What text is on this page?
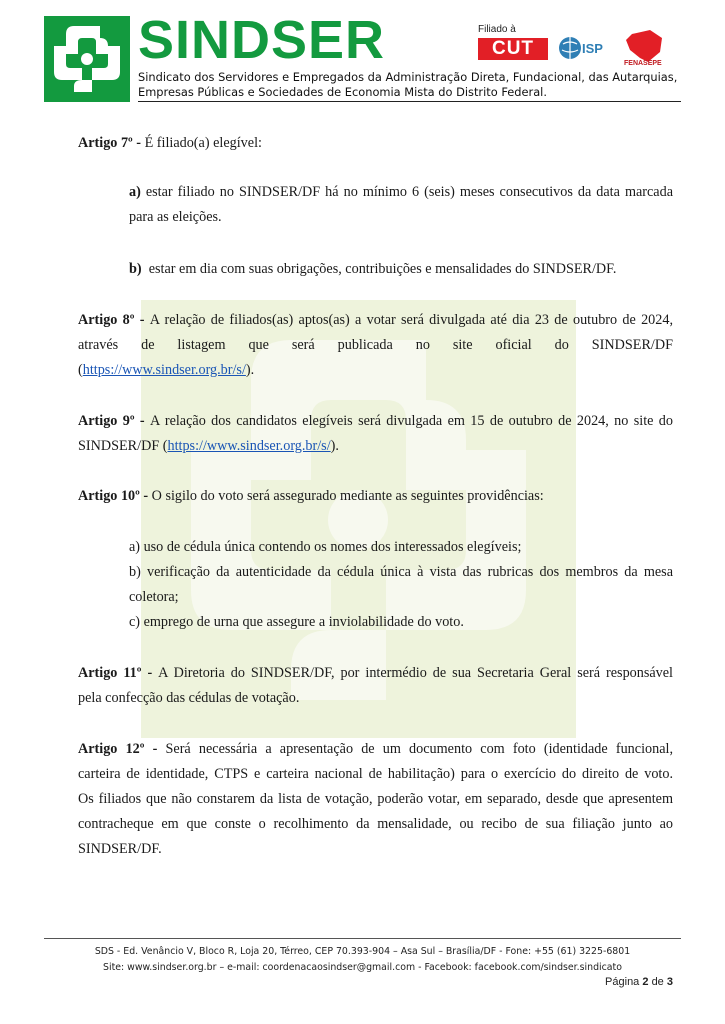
SINDSER
Sindicato dos Servidores e Empregados da Administração Direta, Fundacional, das Autarquias,
Empresas Públicas e Sociedades de Economia Mista do Distrito Federal.
Filiado à
CUT	ISP
FENASEPE

Artigo 7º - É filiado(a) elegível:

a) estar filiado no SINDSER/DF há no mínimo 6 (seis) meses consecutivos da data marcada

para as eleições.

b) estar em dia com suas obrigações, contribuições e mensalidades do SINDSER/DF.

Artigo 8º - A relação de filiados(as) aptos(as) a votar será divulgada até dia 23 de outubro de 2024,

através de listagem que será publicada no site oficial do SINDSER/DF

(https://www.sindser.org.br/s/).

Artigo 9º - A relação dos candidatos elegíveis será divulgada em 15 de outubro de 2024, no site do

SINDSER/DF (https://www.sindser.org.br/s/).

Artigo 10º - O sigilo do voto será assegurado mediante as seguintes providências:

a) uso de cédula única contendo os nomes dos interessados elegíveis;

b) verificação da autenticidade da cédula única à vista das rubricas dos membros da mesa

coletora;

c) emprego de urna que assegure a inviolabilidade do voto.

Artigo 11º - A Diretoria do SINDSER/DF, por intermédio de sua Secretaria Geral será responsável

pela confecção das cédulas de votação.

Artigo 12º - Será necessária a apresentação de um documento com foto (identidade funcional,

carteira de identidade, CTPS e carteira nacional de habilitação) para o exercício do direito de voto.

Os filiados que não constarem da lista de votação, poderão votar, em separado, desde que apresentem

contracheque em que conste o recolhimento da mensalidade, ou recibo de sua filiação junto ao

SINDSER/DF.

SDS - Ed. Venâncio V, Bloco R, Loja 20, Térreo, CEP 70.393-904 – Asa Sul – Brasília/DF - Fone: +55 (61) 3225-6801
Site: www.sindser.org.br – e-mail: coordenacaosindser@gmail.com - Facebook: facebook.com/sindser.sindicato
Página 2 de 3
